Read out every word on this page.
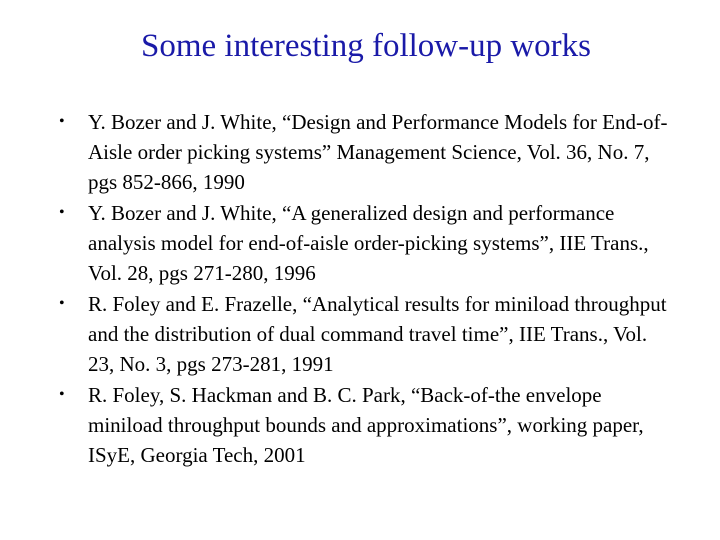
Some interesting follow-up works
• Y. Bozer and J. White, “Design and Performance Models for End-of-Aisle order picking systems” Management Science, Vol. 36, No. 7, pgs 852-866, 1990
• Y. Bozer and J. White, “A generalized design and performance analysis model for end-of-aisle order-picking systems”, IIE Trans., Vol. 28, pgs 271-280, 1996
• R. Foley and E. Frazelle, “Analytical results for miniload throughput and the distribution of dual command travel time”, IIE Trans., Vol. 23, No. 3, pgs 273-281, 1991
• R. Foley, S. Hackman and B. C. Park, “Back-of-the envelope miniload throughput bounds and approximations”, working paper, ISyE, Georgia Tech, 2001
